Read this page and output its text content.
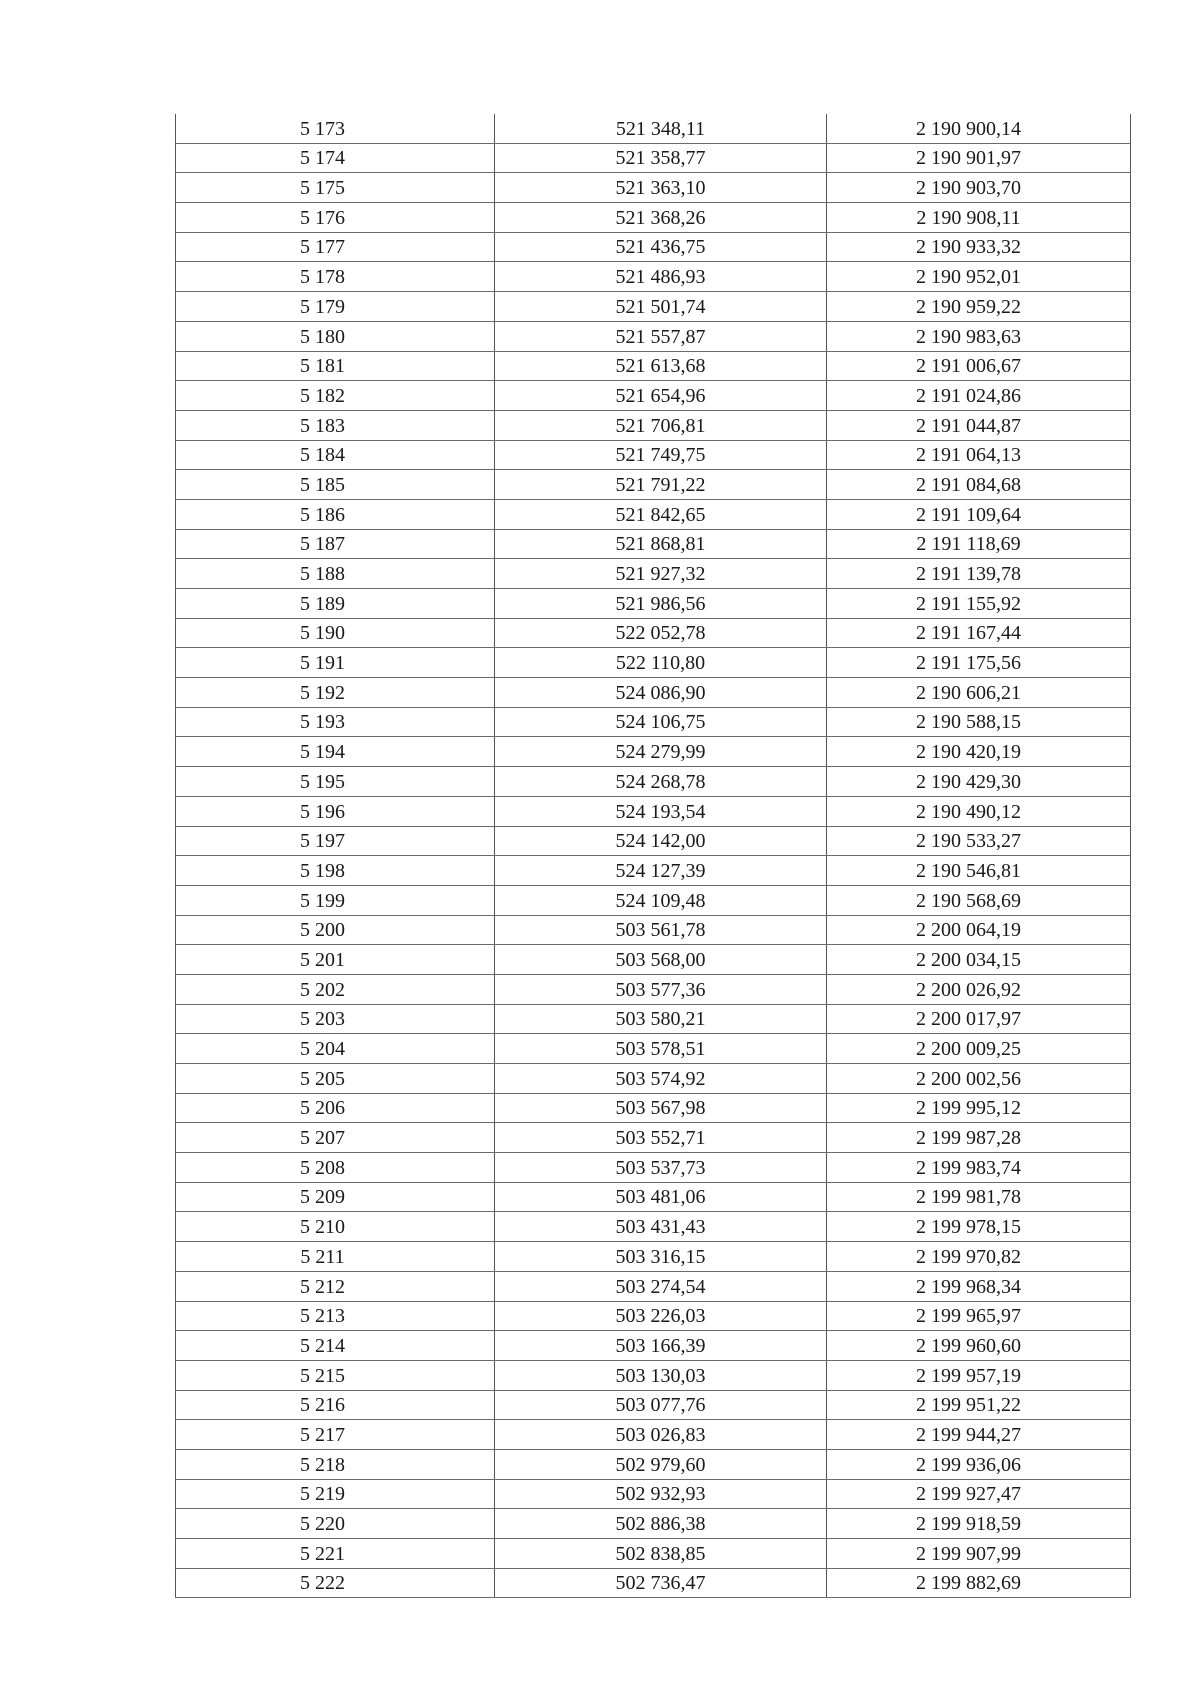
5 173	521 348,11	2 190 900,14
5 174	521 358,77	2 190 901,97
5 175	521 363,10	2 190 903,70
5 176	521 368,26	2 190 908,11
5 177	521 436,75	2 190 933,32
5 178	521 486,93	2 190 952,01
5 179	521 501,74	2 190 959,22
5 180	521 557,87	2 190 983,63
5 181	521 613,68	2 191 006,67
5 182	521 654,96	2 191 024,86
5 183	521 706,81	2 191 044,87
5 184	521 749,75	2 191 064,13
5 185	521 791,22	2 191 084,68
5 186	521 842,65	2 191 109,64
5 187	521 868,81	2 191 118,69
5 188	521 927,32	2 191 139,78
5 189	521 986,56	2 191 155,92
5 190	522 052,78	2 191 167,44
5 191	522 110,80	2 191 175,56
5 192	524 086,90	2 190 606,21
5 193	524 106,75	2 190 588,15
5 194	524 279,99	2 190 420,19
5 195	524 268,78	2 190 429,30
5 196	524 193,54	2 190 490,12
5 197	524 142,00	2 190 533,27
5 198	524 127,39	2 190 546,81
5 199	524 109,48	2 190 568,69
5 200	503 561,78	2 200 064,19
5 201	503 568,00	2 200 034,15
5 202	503 577,36	2 200 026,92
5 203	503 580,21	2 200 017,97
5 204	503 578,51	2 200 009,25
5 205	503 574,92	2 200 002,56
5 206	503 567,98	2 199 995,12
5 207	503 552,71	2 199 987,28
5 208	503 537,73	2 199 983,74
5 209	503 481,06	2 199 981,78
5 210	503 431,43	2 199 978,15
5 211	503 316,15	2 199 970,82
5 212	503 274,54	2 199 968,34
5 213	503 226,03	2 199 965,97
5 214	503 166,39	2 199 960,60
5 215	503 130,03	2 199 957,19
5 216	503 077,76	2 199 951,22
5 217	503 026,83	2 199 944,27
5 218	502 979,60	2 199 936,06
5 219	502 932,93	2 199 927,47
5 220	502 886,38	2 199 918,59
5 221	502 838,85	2 199 907,99
5 222	502 736,47	2 199 882,69
